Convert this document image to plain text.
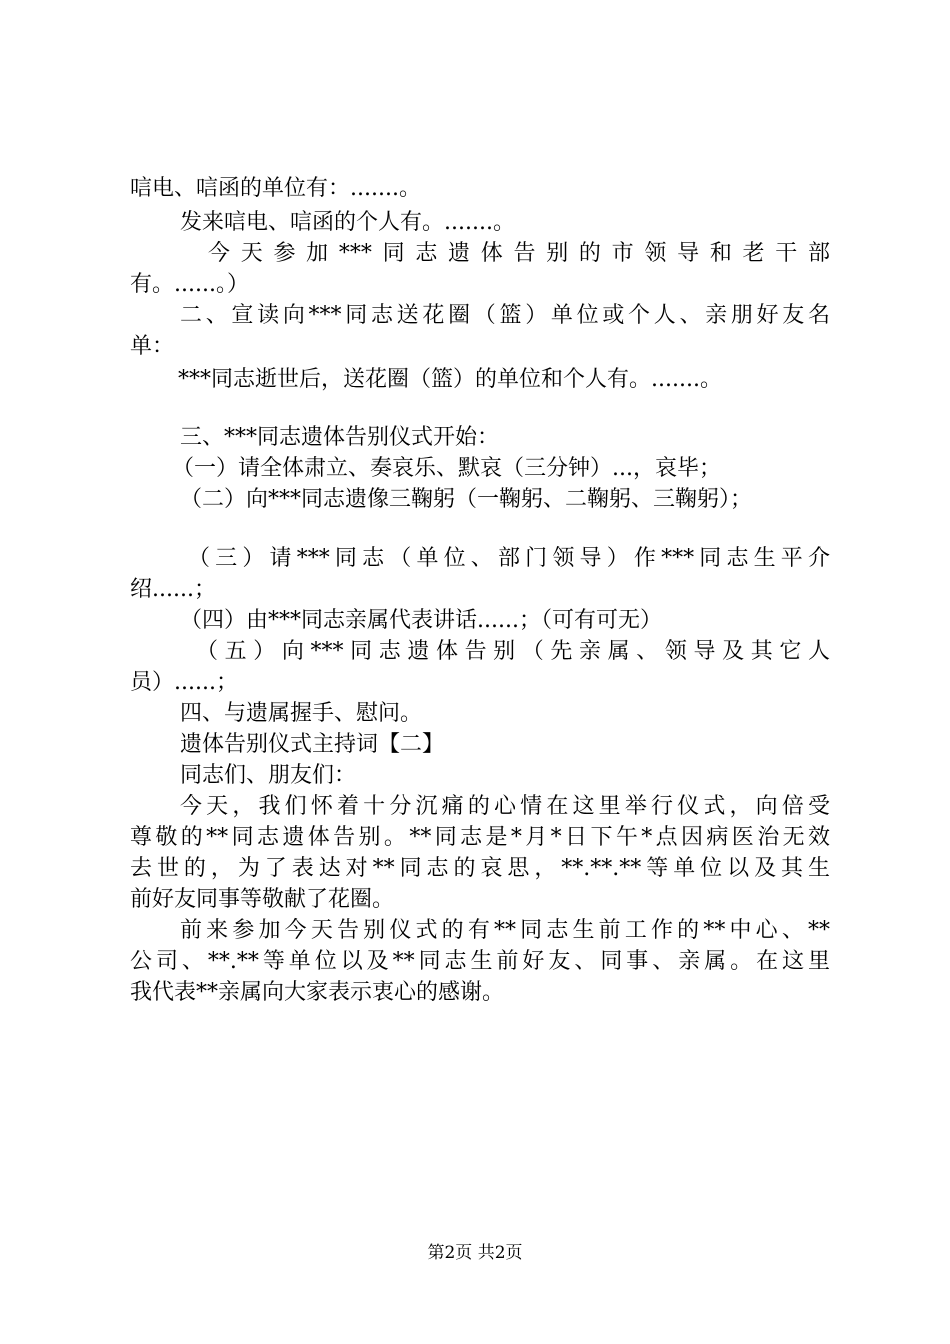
唁电、唁函的单位有：.......。

发来唁电、唁函的个人有。.......。

今天参加***同志遗体告别的市领导和老干部

有。......。）

二、宣读向***同志送花圈（篮）单位或个人、亲朋好友名

单：

***同志逝世后，送花圈（篮）的单位和个人有。.......。

三、***同志遗体告别仪式开始：

（一）请全体肃立、奏哀乐、默哀（三分钟）...，哀毕；

（二）向***同志遗像三鞠躬（一鞠躬、二鞠躬、三鞠躬）；

（三）请***同志（单位、部门领导）作***同志生平介

绍......；

（四）由***同志亲属代表讲话......；（可有可无）

（五）向***同志遗体告别（先亲属、领导及其它人

员）......；

四、与遗属握手、慰问。

遗体告别仪式主持词【二】

同志们、朋友们：

今天，我们怀着十分沉痛的心情在这里举行仪式，向倍受

尊敬的**同志遗体告别。**同志是*月*日下午*点因病医治无效

去世的，为了表达对**同志的哀思，**.**.**等单位以及其生

前好友同事等敬献了花圈。

前来参加今天告别仪式的有**同志生前工作的**中心、**

公司、**.**等单位以及**同志生前好友、同事、亲属。在这里

我代表**亲属向大家表示衷心的感谢。

第2页 共2页
